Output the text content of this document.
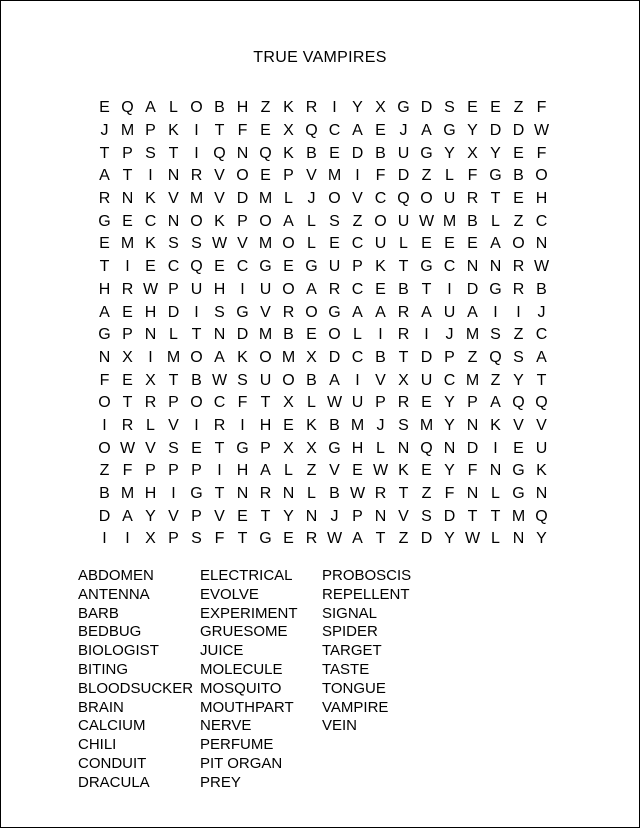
TRUE VAMPIRES
E Q A L O B H Z K R I Y X G D S E E Z F
J M P K I T F E X Q C A E J A G Y D D W
T P S T I Q N Q K B E D B U G Y X Y E F
A T I N R V O E P V M I F D Z L F G B O
R N K V M V D M L J O V C Q O U R T E H
G E C N O K P O A L S Z O U W M B L Z C
E M K S S W V M O L E C U L E E E A O N
T I E C Q E C G E G U P K T G C N N R W
H R W P U H I U O A R C E B T I D G R B
A E H D I S G V R O G A A R A U A I	I	J
G P N L T N D M B E O L	I R I	J M S Z C
N X I M O A K O M X D C B T D P Z Q S A
F E X T B W S U O B A I V X U C M Z Y T
O T R P O C F T X L W U P R E Y P A Q Q
I R L V I R I H E K B M J S M Y N K V V
O W V S E T G P X X G H L N Q N D I E U
Z F P P P I H A L Z V E W K E Y F N G K
B M H I G T N R N L B W R T Z F N L G N
D A Y V P V E T Y N J P N V S D T T M Q
I	I X P S F T G E R W A T Z D Y W L N Y
ABDOMEN
ANTENNA
BARB
BEDBUG
BIOLOGIST
BITING
BLOODSUCKER
BRAIN
CALCIUM
CHILI
CONDUIT
DRACULA
ELECTRICAL
EVOLVE
EXPERIMENT
GRUESOME
JUICE
MOLECULE
MOSQUITO
MOUTHPART
NERVE
PERFUME
PIT ORGAN
PREY
PROBOSCIS
REPELLENT
SIGNAL
SPIDER
TARGET
TASTE
TONGUE
VAMPIRE
VEIN
